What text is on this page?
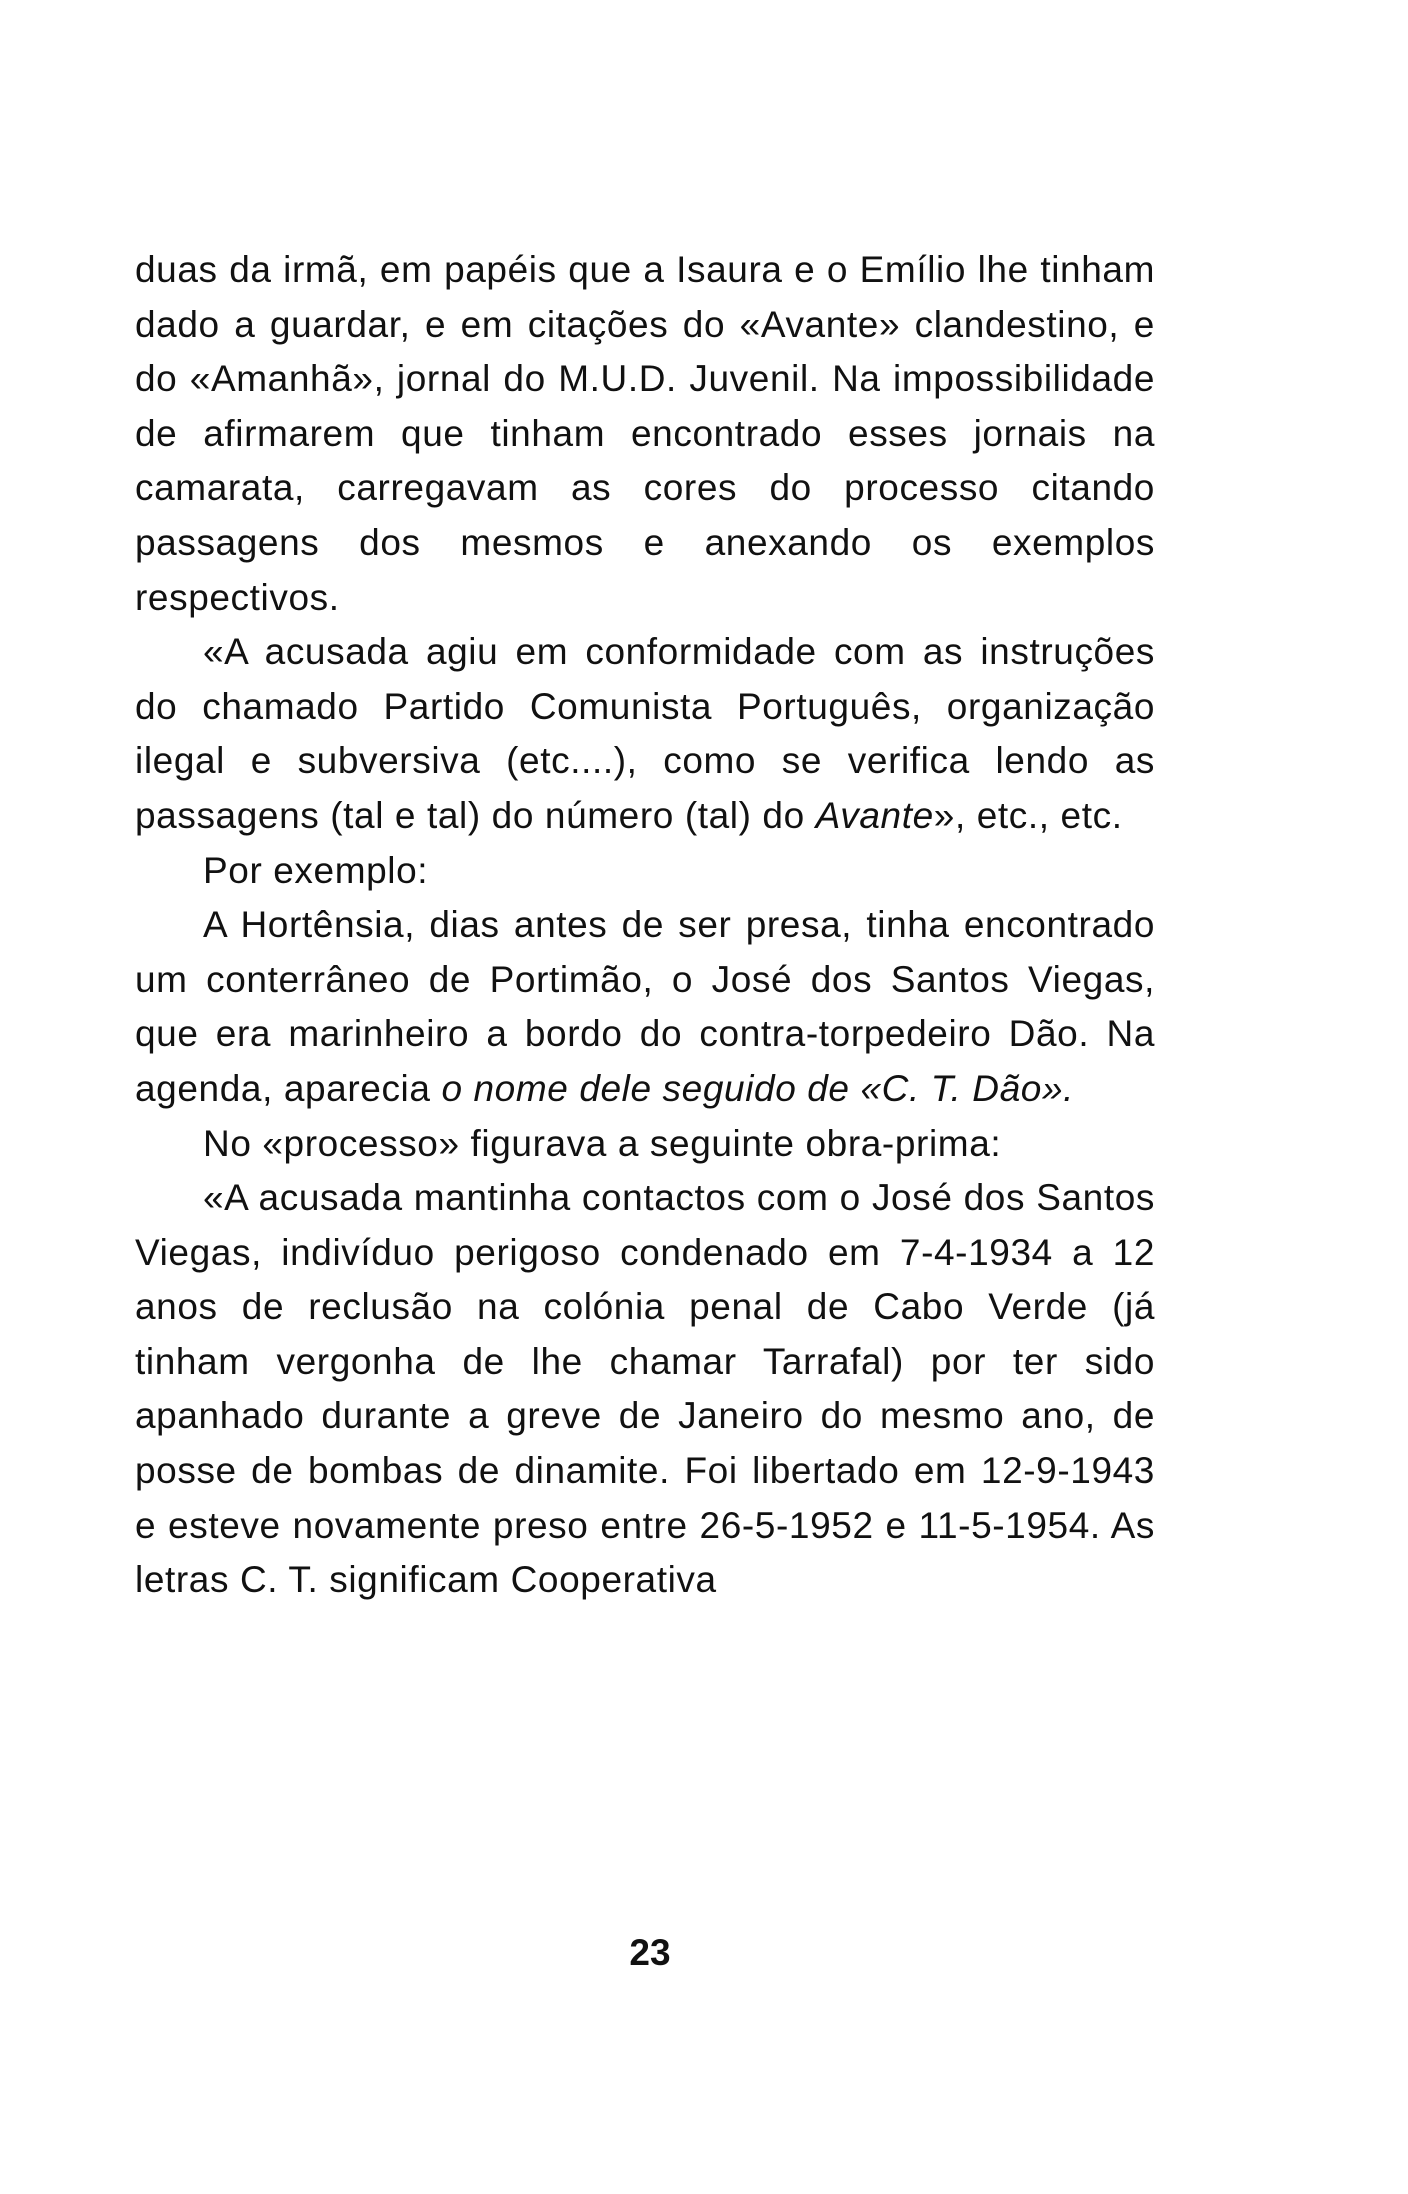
duas da irmã, em papéis que a Isaura e o Emílio lhe tinham dado a guardar, e em citações do «Avante» clandestino, e do «Amanhã», jornal do M.U.D. Juvenil. Na impossibilidade de afirmarem que tinham encontrado esses jornais na camarata, carregavam as cores do processo citando passagens dos mesmos e anexando os exemplos respectivos.

«A acusada agiu em conformidade com as instruções do chamado Partido Comunista Português, organização ilegal e subversiva (etc....), como se verifica lendo as passagens (tal e tal) do número (tal) do Avante», etc., etc.

Por exemplo:

A Hortênsia, dias antes de ser presa, tinha encontrado um conterrâneo de Portimão, o José dos Santos Viegas, que era marinheiro a bordo do contra-torpedeiro Dão. Na agenda, aparecia o nome dele seguido de «C. T. Dão».

No «processo» figurava a seguinte obra-prima:

«A acusada mantinha contactos com o José dos Santos Viegas, indivíduo perigoso condenado em 7-4-1934 a 12 anos de reclusão na colónia penal de Cabo Verde (já tinham vergonha de lhe chamar Tarrafal) por ter sido apanhado durante a greve de Janeiro do mesmo ano, de posse de bombas de dinamite. Foi libertado em 12-9-1943 e esteve novamente preso entre 26-5-1952 e 11-5-1954. As letras C. T. significam Cooperativa

23
